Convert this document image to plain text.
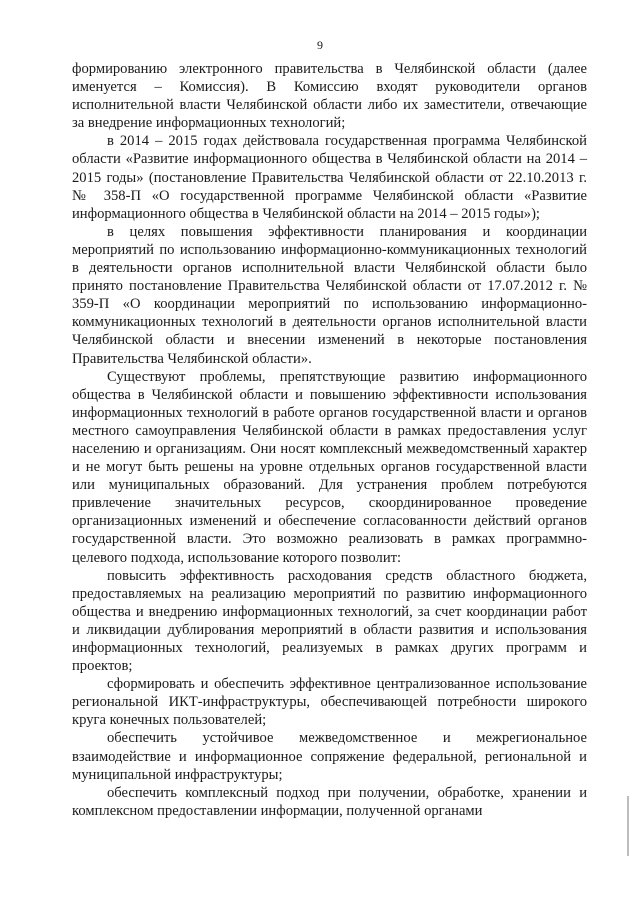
9

формированию электронного правительства в Челябинской области (далее именуется – Комиссия). В Комиссию входят руководители органов исполнительной власти Челябинской области либо их заместители, отвечающие за внедрение информационных технологий;

в 2014 – 2015 годах действовала государственная программа Челябинской области «Развитие информационного общества в Челябинской области на 2014 – 2015 годы» (постановление Правительства Челябинской области от 22.10.2013 г. № 358-П «О государственной программе Челябинской области «Развитие информационного общества в Челябинской области на 2014 – 2015 годы»);

в целях повышения эффективности планирования и координации мероприятий по использованию информационно-коммуникационных технологий в деятельности органов исполнительной власти Челябинской области было принято постановление Правительства Челябинской области от 17.07.2012 г. № 359-П «О координации мероприятий по использованию информационно-коммуникационных технологий в деятельности органов исполнительной власти Челябинской области и внесении изменений в некоторые постановления Правительства Челябинской области».

Существуют проблемы, препятствующие развитию информационного общества в Челябинской области и повышению эффективности использования информационных технологий в работе органов государственной власти и органов местного самоуправления Челябинской области в рамках предоставления услуг населению и организациям. Они носят комплексный межведомственный характер и не могут быть решены на уровне отдельных органов государственной власти или муниципальных образований. Для устранения проблем потребуются привлечение значительных ресурсов, скоординированное проведение организационных изменений и обеспечение согласованности действий органов государственной власти. Это возможно реализовать в рамках программно-целевого подхода, использование которого позволит:

повысить эффективность расходования средств областного бюджета, предоставляемых на реализацию мероприятий по развитию информационного общества и внедрению информационных технологий, за счет координации работ и ликвидации дублирования мероприятий в области развития и использования информационных технологий, реализуемых в рамках других программ и проектов;

сформировать и обеспечить эффективное централизованное использование региональной ИКТ-инфраструктуры, обеспечивающей потребности широкого круга конечных пользователей;

обеспечить устойчивое межведомственное и межрегиональное взаимодействие и информационное сопряжение федеральной, региональной и муниципальной инфраструктуры;

обеспечить комплексный подход при получении, обработке, хранении и комплексном предоставлении информации, полученной органами
